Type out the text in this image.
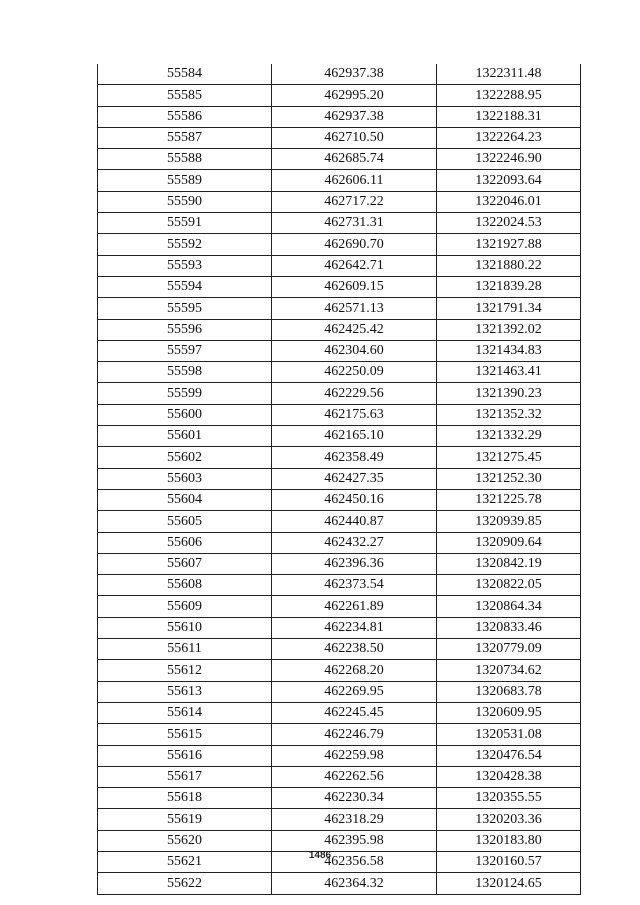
55584	462937.38	1322311.48
55585	462995.20	1322288.95
55586	462937.38	1322188.31
55587	462710.50	1322264.23
55588	462685.74	1322246.90
55589	462606.11	1322093.64
55590	462717.22	1322046.01
55591	462731.31	1322024.53
55592	462690.70	1321927.88
55593	462642.71	1321880.22
55594	462609.15	1321839.28
55595	462571.13	1321791.34
55596	462425.42	1321392.02
55597	462304.60	1321434.83
55598	462250.09	1321463.41
55599	462229.56	1321390.23
55600	462175.63	1321352.32
55601	462165.10	1321332.29
55602	462358.49	1321275.45
55603	462427.35	1321252.30
55604	462450.16	1321225.78
55605	462440.87	1320939.85
55606	462432.27	1320909.64
55607	462396.36	1320842.19
55608	462373.54	1320822.05
55609	462261.89	1320864.34
55610	462234.81	1320833.46
55611	462238.50	1320779.09
55612	462268.20	1320734.62
55613	462269.95	1320683.78
55614	462245.45	1320609.95
55615	462246.79	1320531.08
55616	462259.98	1320476.54
55617	462262.56	1320428.38
55618	462230.34	1320355.55
55619	462318.29	1320203.36
55620	462395.98	1320183.80
55621	462356.58	1320160.57
55622	462364.32	1320124.65
1486
